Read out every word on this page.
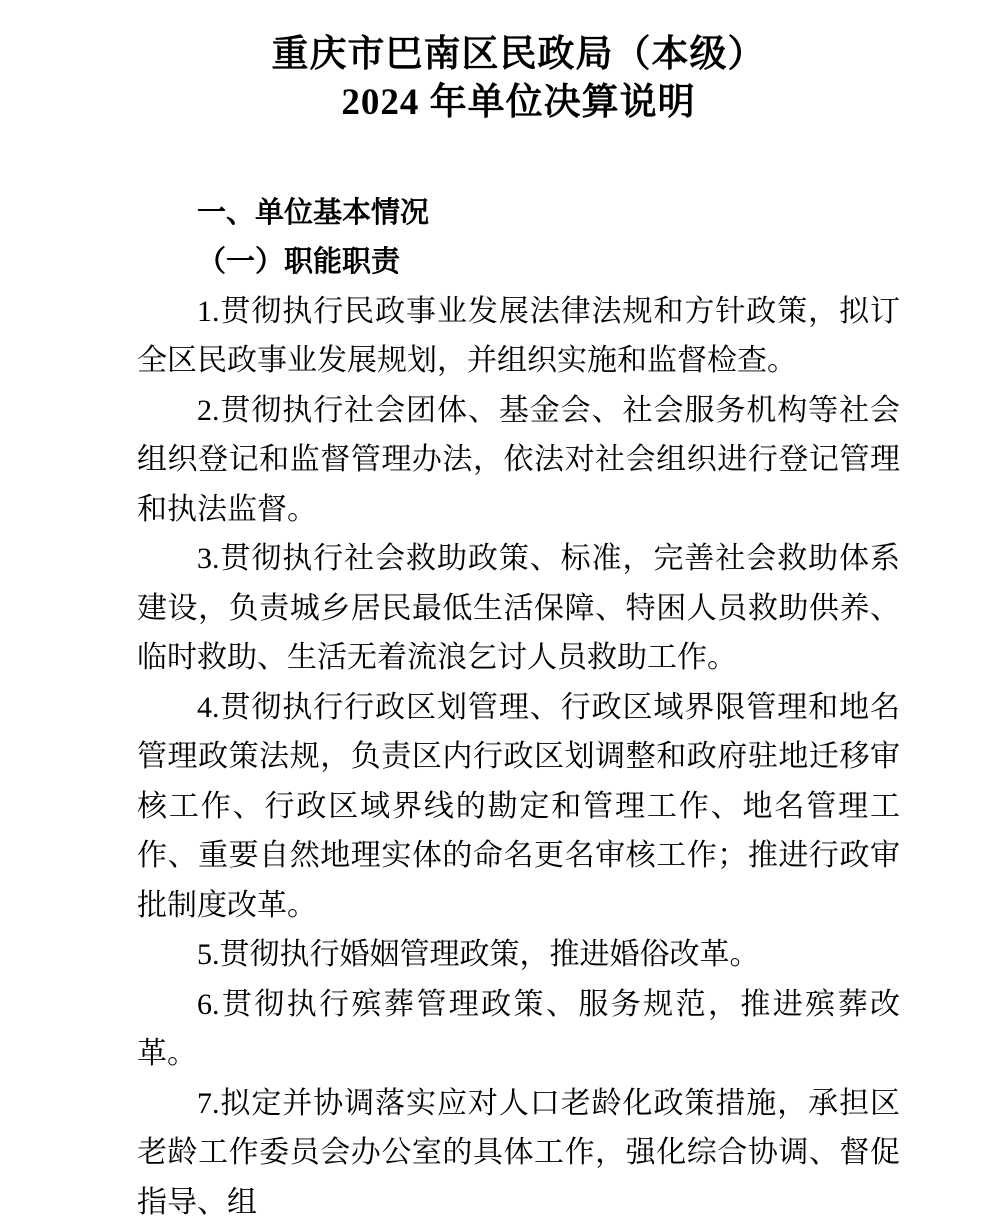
重庆市巴南区民政局（本级）
2024 年单位决算说明
一、单位基本情况
（一）职能职责

1.贯彻执行民政事业发展法律法规和方针政策，拟订全区民政事业发展规划，并组织实施和监督检查。

2.贯彻执行社会团体、基金会、社会服务机构等社会组织登记和监督管理办法，依法对社会组织进行登记管理和执法监督。

3.贯彻执行社会救助政策、标准，完善社会救助体系建设，负责城乡居民最低生活保障、特困人员救助供养、临时救助、生活无着流浪乞讨人员救助工作。

4.贯彻执行行政区划管理、行政区域界限管理和地名管理政策法规，负责区内行政区划调整和政府驻地迁移审核工作、行政区域界线的勘定和管理工作、地名管理工作、重要自然地理实体的命名更名审核工作；推进行政审批制度改革。

5.贯彻执行婚姻管理政策，推进婚俗改革。

6.贯彻执行殡葬管理政策、服务规范，推进殡葬改革。

7.拟定并协调落实应对人口老龄化政策措施，承担区老龄工作委员会办公室的具体工作，强化综合协调、督促指导、组
